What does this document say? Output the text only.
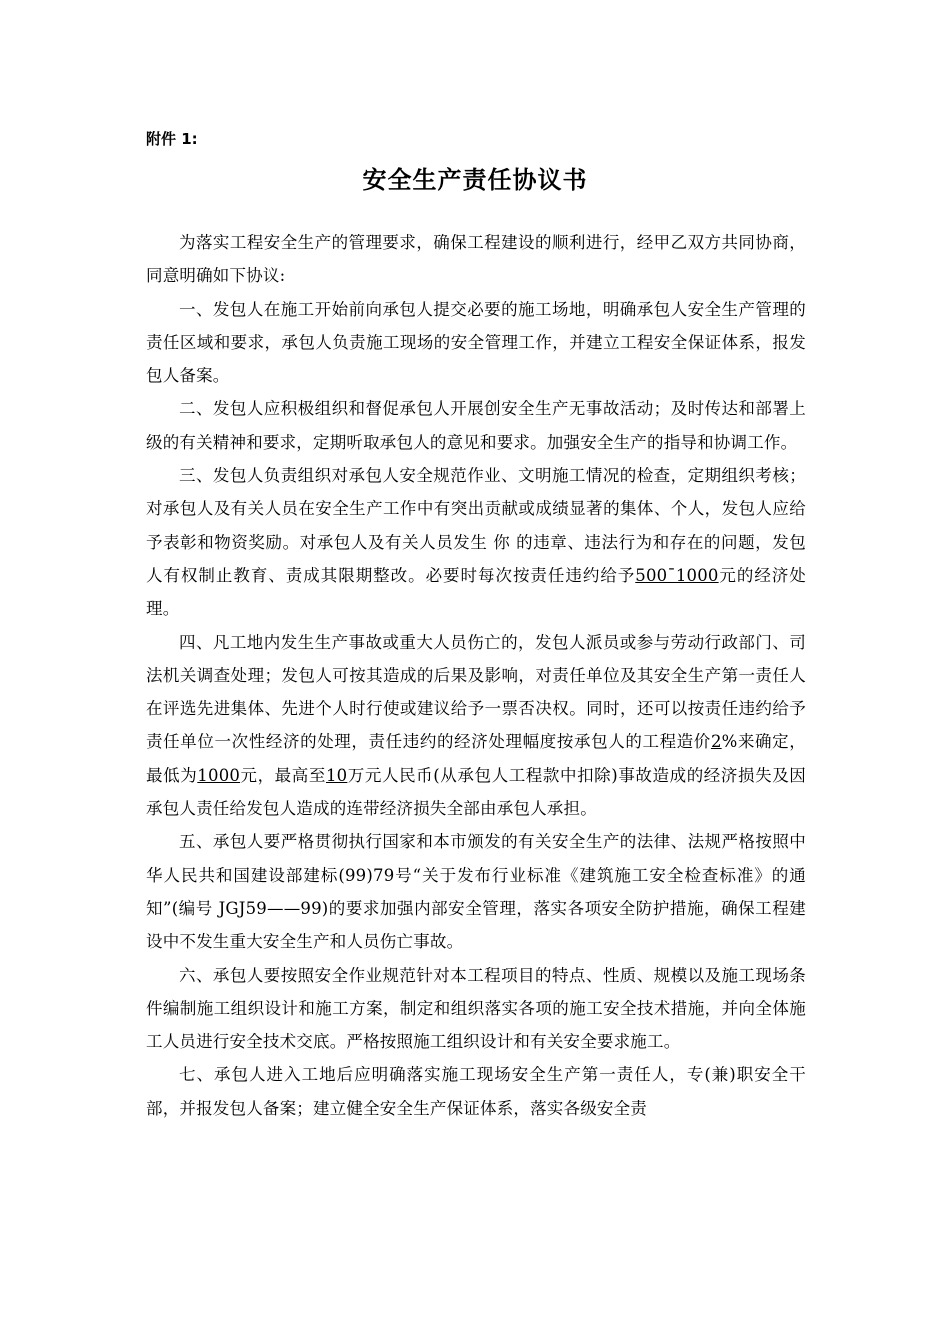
附件 1:
安全生产责任协议书

为落实工程安全生产的管理要求，确保工程建设的顺利进行，经甲乙双方共同协商，同意明确如下协议:

一、发包人在施工开始前向承包人提交必要的施工场地，明确承包人安全生产管理的责任区域和要求，承包人负责施工现场的安全管理工作，并建立工程安全保证体系，报发包人备案。

二、发包人应积极组织和督促承包人开展创安全生产无事故活动；及时传达和部署上级的有关精神和要求，定期听取承包人的意见和要求。加强安全生产的指导和协调工作。

三、发包人负责组织对承包人安全规范作业、文明施工情况的检查，定期组织考核；对承包人及有关人员在安全生产工作中有突出贡献或成绩显著的集体、个人，发包人应给予表彰和物资奖励。对承包人及有关人员发生 你 的违章、违法行为和存在的问题，发包人有权制止教育、责成其限期整改。必要时每次按责任违约给予500¯1000元的经济处理。

四、凡工地内发生生产事故或重大人员伤亡的，发包人派员或参与劳动行政部门、司法机关调查处理；发包人可按其造成的后果及影响，对责任单位及其安全生产第一责任人在评选先进集体、先进个人时行使或建议给予一票否决权。同时，还可以按责任违约给予责任单位一次性经济的处理，责任违约的经济处理幅度按承包人的工程造价2%来确定，最低为1000元，最高至10万元人民币(从承包人工程款中扣除)事故造成的经济损失及因承包人责任给发包人造成的连带经济损失全部由承包人承担。

五、承包人要严格贯彻执行国家和本市颁发的有关安全生产的法律、法规严格按照中华人民共和国建设部建标(99)79号“关于发布行业标准《建筑施工安全检查标准》的通知”(编号 JGJ59——99)的要求加强内部安全管理，落实各项安全防护措施，确保工程建设中不发生重大安全生产和人员伤亡事故。

六、承包人要按照安全作业规范针对本工程项目的特点、性质、规模以及施工现场条件编制施工组织设计和施工方案，制定和组织落实各项的施工安全技术措施，并向全体施工人员进行安全技术交底。严格按照施工组织设计和有关安全要求施工。

七、承包人进入工地后应明确落实施工现场安全生产第一责任人，专(兼)职安全干部，并报发包人备案；建立健全安全生产保证体系，落实各级安全责
